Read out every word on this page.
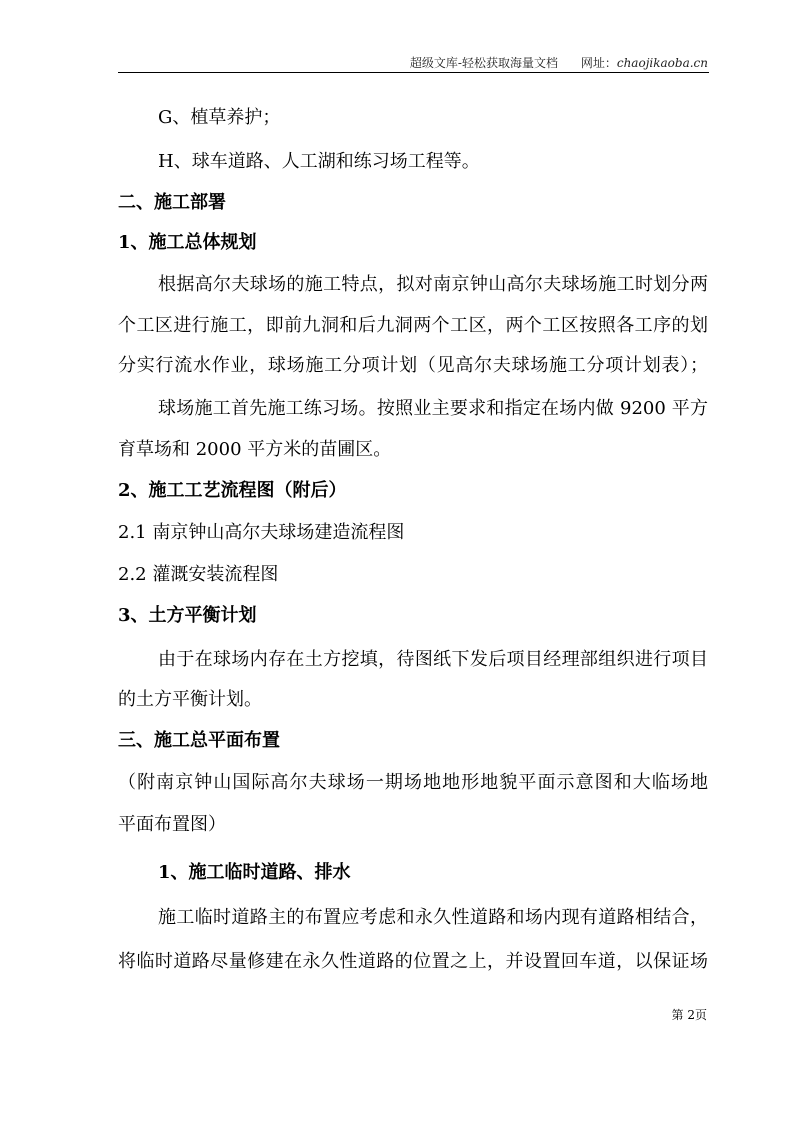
超级文库-轻松获取海量文档 网址：chaojikaoba.cn
G、植草养护；
H、球车道路、人工湖和练习场工程等。
二、施工部署
1、施工总体规划
根据高尔夫球场的施工特点，拟对南京钟山高尔夫球场施工时划分两
个工区进行施工，即前九洞和后九洞两个工区，两个工区按照各工序的划
分实行流水作业，球场施工分项计划（见高尔夫球场施工分项计划表）；
球场施工首先施工练习场。按照业主要求和指定在场内做 9200 平方
育草场和 2000 平方米的苗圃区。
2、施工工艺流程图（附后）
2.1 南京钟山高尔夫球场建造流程图
2.2 灌溉安装流程图
3、土方平衡计划
由于在球场内存在土方挖填，待图纸下发后项目经理部组织进行项目
的土方平衡计划。
三、施工总平面布置
（附南京钟山国际高尔夫球场一期场地地形地貌平面示意图和大临场地
平面布置图）
1、施工临时道路、排水
施工临时道路主的布置应考虑和永久性道路和场内现有道路相结合，
将临时道路尽量修建在永久性道路的位置之上，并设置回车道，以保证场
第 2页
